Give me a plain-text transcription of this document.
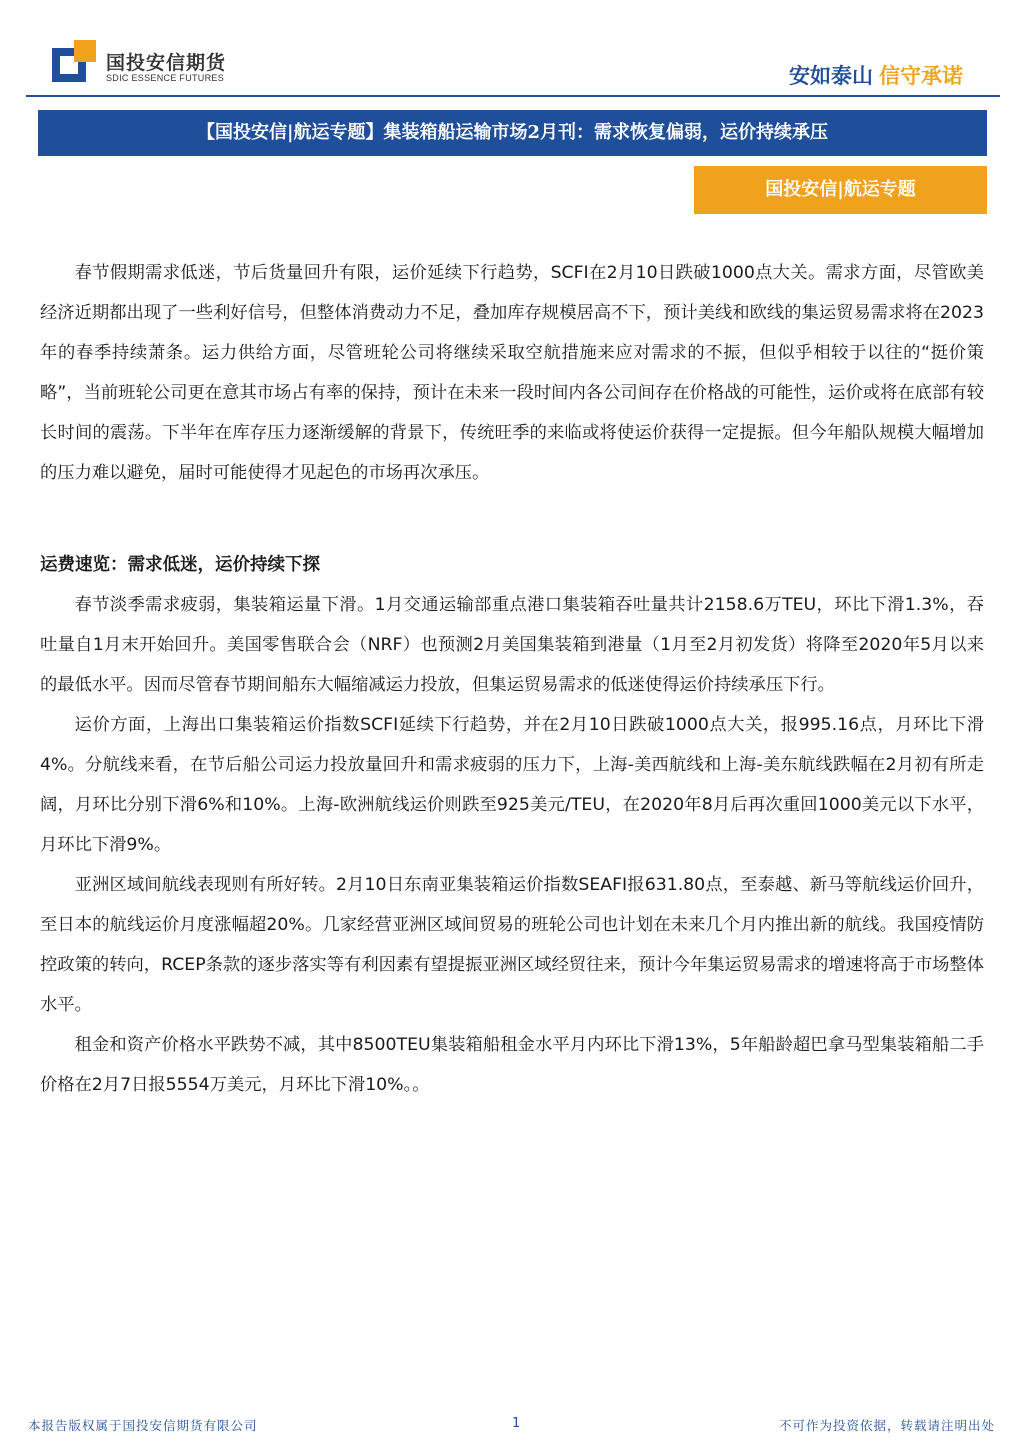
国投安信期货
SDIC ESSENCE FUTURES	安如泰山 信守承诺
【国投安信|航运专题】集装箱船运输市场2月刊：需求恢复偏弱，运价持续承压
国投安信|航运专题

春节假期需求低迷，节后货量回升有限，运价延续下行趋势，SCFI在2月10日跌破1000点大关。需求方面，尽管欧美经济近期都出现了一些利好信号，但整体消费动力不足，叠加库存规模居高不下，预计美线和欧线的集运贸易需求将在2023年的春季持续萧条。运力供给方面，尽管班轮公司将继续采取空航措施来应对需求的不振，但似乎相较于以往的“挺价策略”，当前班轮公司更在意其市场占有率的保持，预计在未来一段时间内各公司间存在价格战的可能性，运价或将在底部有较长时间的震荡。下半年在库存压力逐渐缓解的背景下，传统旺季的来临或将使运价获得一定提振。但今年船队规模大幅增加的压力难以避免，届时可能使得才见起色的市场再次承压。

运费速览：需求低迷，运价持续下探

春节淡季需求疲弱，集装箱运量下滑。1月交通运输部重点港口集装箱吞吐量共计2158.6万TEU，环比下滑1.3%，吞吐量自1月末开始回升。美国零售联合会（NRF）也预测2月美国集装箱到港量（1月至2月初发货）将降至2020年5月以来的最低水平。因而尽管春节期间船东大幅缩减运力投放，但集运贸易需求的低迷使得运价持续承压下行。

运价方面，上海出口集装箱运价指数SCFI延续下行趋势，并在2月10日跌破1000点大关，报995.16点，月环比下滑4%。分航线来看，在节后船公司运力投放量回升和需求疲弱的压力下，上海-美西航线和上海-美东航线跌幅在2月初有所走阔，月环比分别下滑6%和10%。上海-欧洲航线运价则跌至925美元/TEU，在2020年8月后再次重回1000美元以下水平，月环比下滑9%。

亚洲区域间航线表现则有所好转。2月10日东南亚集装箱运价指数SEAFI报631.80点，至泰越、新马等航线运价回升，至日本的航线运价月度涨幅超20%。几家经营亚洲区域间贸易的班轮公司也计划在未来几个月内推出新的航线。我国疫情防控政策的转向，RCEP条款的逐步落实等有利因素有望提振亚洲区域经贸往来，预计今年集运贸易需求的增速将高于市场整体水平。

租金和资产价格水平跌势不减，其中8500TEU集装箱船租金水平月内环比下滑13%，5年船龄超巴拿马型集装箱船二手价格在2月7日报5554万美元，月环比下滑10%。。

本报告版权属于国投安信期货有限公司	1	不可作为投资依据，转载请注明出处
